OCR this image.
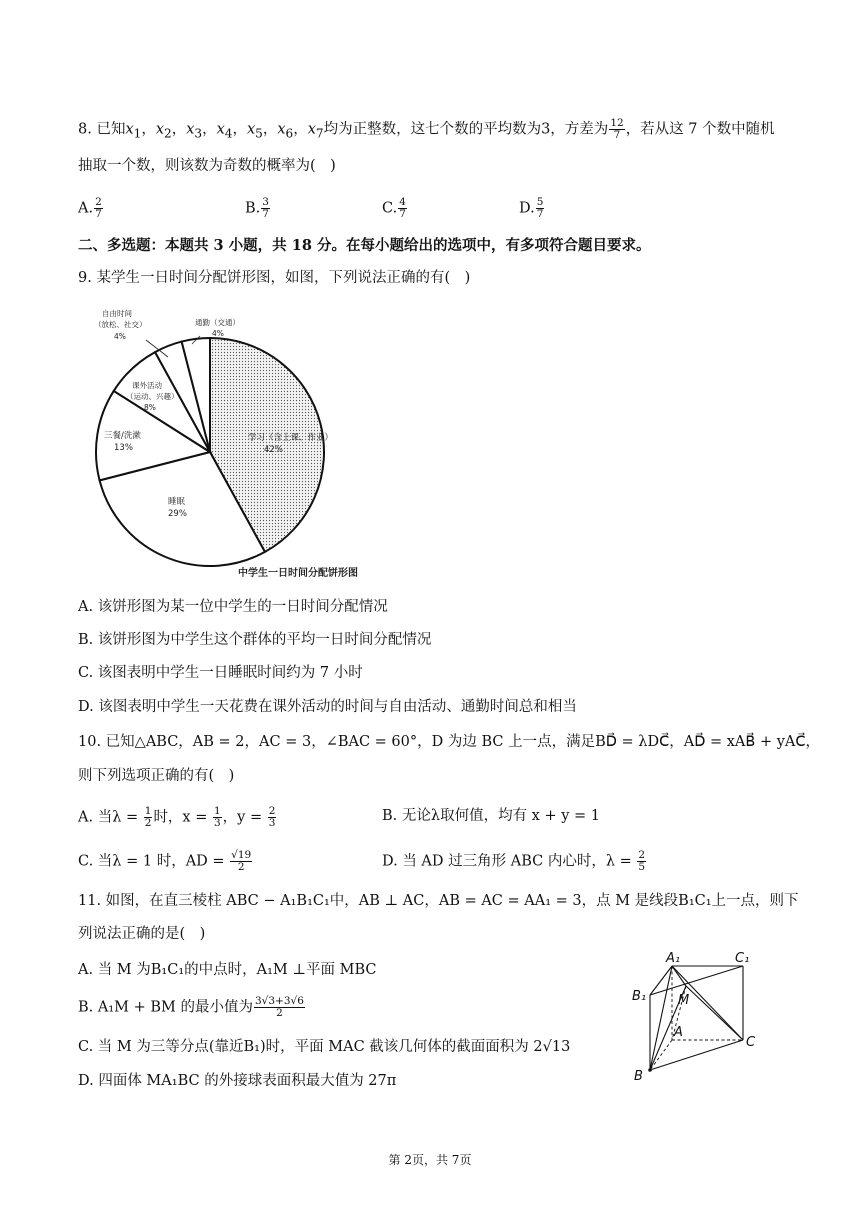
8. 已知$x_1$，$x_2$，$x_3$，$x_4$，$x_5$，$x_6$，$x_7$均为正整数，这七个数的平均数为3，方差为 $\frac{12}{7}$ ，若从这 7 个数中随机
抽取一个数，则该数为奇数的概率为(　)
A. $\frac{2}{7}$	B. $\frac{3}{7}$	C. $\frac{4}{7}$	D. $\frac{5}{7}$
二、多选题：本题共 3 小题，共 18 分。在每小题给出的选项中，有多项符合题目要求。
9. 某学生一日时间分配饼形图，如图，下列说法正确的有(　)
学习（含上课、作业）
42%
睡眠
29%
三餐/洗漱
13%
课外活动
（运动、兴趣）
8%
自由时间
（放松、社交）
4%
通勤（交通）
4%
中学生一日时间分配饼形图
A. 该饼形图为某一位中学生的一日时间分配情况
B. 该饼形图为中学生这个群体的平均一日时间分配情况
C. 该图表明中学生一日睡眠时间约为 7 小时
D. 该图表明中学生一天花费在课外活动的时间与自由活动、通勤时间总和相当
10. 已知△ABC，AB = 2，AC = 3，∠BAC = 60°，D 为边 BC 上一点，满足BD⃗ = λDC⃗，AD⃗ = xAB⃗ + yAC⃗，
则下列选项正确的有(　)
A. 当$\lambda = \frac{1}{2}$ 时，$x = \frac{1}{3}$ ，$y = \frac{2}{3}$	B. 无论λ取何值，均有 x + y = 1
C. 当λ = 1 时，AD = $\frac{√19}{2}$	D. 当 AD 过三角形 ABC 内心时，$\lambda = \frac{2}{5}$
11. 如图，在直三棱柱 ABC − A₁B₁C₁中，AB ⊥ AC，AB = AC = AA₁ = 3，点 M 是线段B₁C₁上一点，则下
列说法正确的是(　)
A. 当 M 为B₁C₁的中点时，A₁M ⊥平面 MBC
B. A₁M + BM 的最小值为 $\frac{3√3+3√6}{2}$
C. 当 M 为三等分点(靠近B₁)时，平面 MAC 截该几何体的截面面积为 2√13
D. 四面体 MA₁BC 的外接球表面积最大值为 27π
A₁	C₁
B₁ M
A
C
B
第 2页，共 7页
